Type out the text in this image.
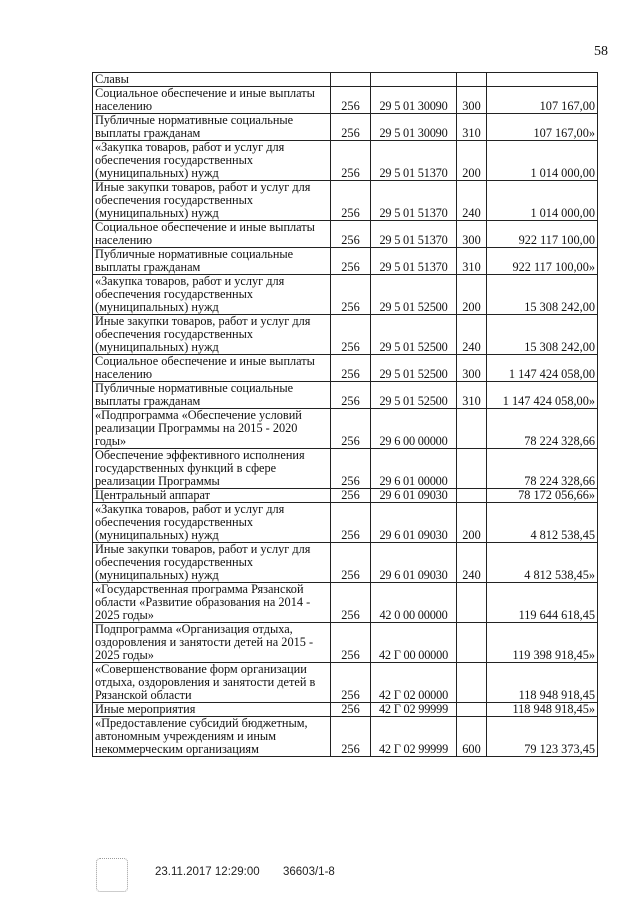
58
Славы				
Социальное обеспечение и иные выплаты населению	256	29 5 01 30090	300	107 167,00
Публичные нормативные социальные выплаты гражданам	256	29 5 01 30090	310	107 167,00»
«Закупка товаров, работ и услуг для обеспечения государственных (муниципальных) нужд	256	29 5 01 51370	200	1 014 000,00
Иные закупки товаров, работ и услуг для обеспечения государственных (муниципальных) нужд	256	29 5 01 51370	240	1 014 000,00
Социальное обеспечение и иные выплаты населению	256	29 5 01 51370	300	922 117 100,00
Публичные нормативные социальные выплаты гражданам	256	29 5 01 51370	310	922 117 100,00»
«Закупка товаров, работ и услуг для обеспечения государственных (муниципальных) нужд	256	29 5 01 52500	200	15 308 242,00
Иные закупки товаров, работ и услуг для обеспечения государственных (муниципальных) нужд	256	29 5 01 52500	240	15 308 242,00
Социальное обеспечение и иные выплаты населению	256	29 5 01 52500	300	1 147 424 058,00
Публичные нормативные социальные выплаты гражданам	256	29 5 01 52500	310	1 147 424 058,00»
«Подпрограмма «Обеспечение условий реализации Программы на 2015 - 2020 годы»	256	29 6 00 00000		78 224 328,66
Обеспечение эффективного исполнения государственных функций в сфере реализации Программы	256	29 6 01 00000		78 224 328,66
Центральный аппарат	256	29 6 01 09030		78 172 056,66»
«Закупка товаров, работ и услуг для обеспечения государственных (муниципальных) нужд	256	29 6 01 09030	200	4 812 538,45
Иные закупки товаров, работ и услуг для обеспечения государственных (муниципальных) нужд	256	29 6 01 09030	240	4 812 538,45»
«Государственная программа Рязанской области «Развитие образования на 2014 - 2025 годы»	256	42 0 00 00000		119 644 618,45
Подпрограмма «Организация отдыха, оздоровления и занятости детей на 2015 - 2025 годы»	256	42 Г 00 00000		119 398 918,45»
«Совершенствование форм организации отдыха, оздоровления и занятости детей в Рязанской области	256	42 Г 02 00000		118 948 918,45
Иные мероприятия	256	42 Г 02 99999		118 948 918,45»
«Предоставление субсидий бюджетным, автономным учреждениям и иным некоммерческим организациям	256	42 Г 02 99999	600	79 123 373,45
23.11.2017 12:29:00 36603/1-8
